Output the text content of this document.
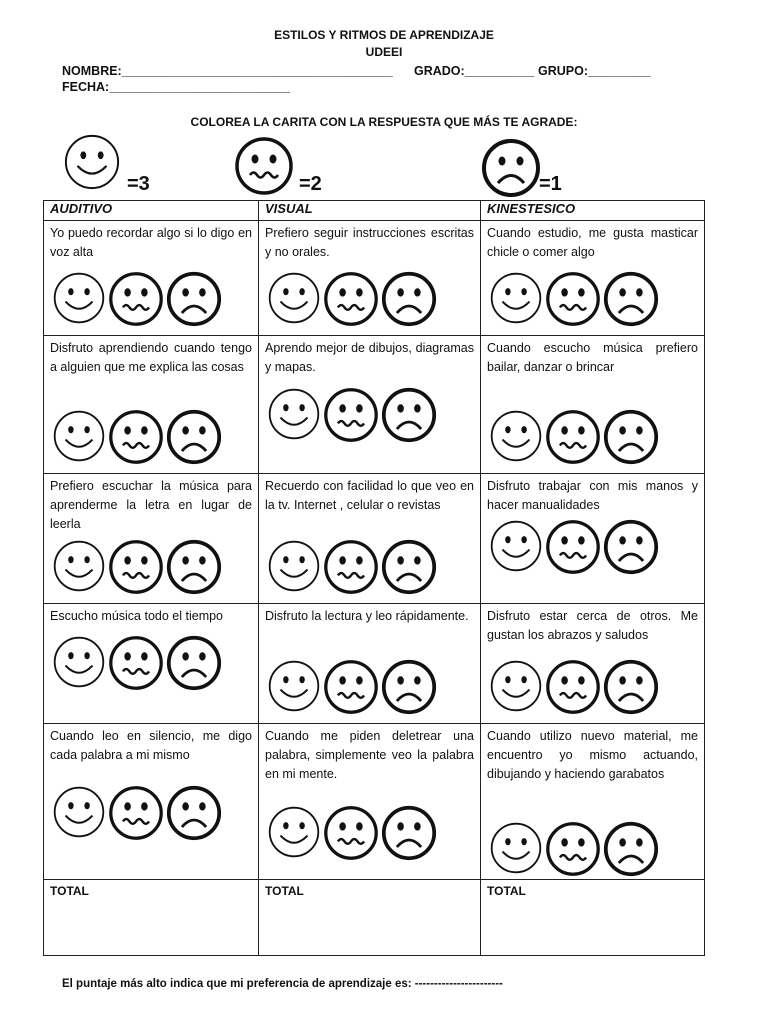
ESTILOS Y RITMOS DE APRENDIZAJE
UDEEI
NOMBRE:_______________________________________ GRADO:__________ GRUPO:_________
FECHA:__________________________
COLOREA LA CARITA CON LA RESPUESTA QUE MÁS TE AGRADE:
=3	=2	=1
AUDITIVO	VISUAL	KINESTESICO

Yo puedo recordar algo si lo digo en voz alta	Prefiero seguir instrucciones escritas y no orales.	Cuando estudio, me gusta masticar chicle o comer algo

Disfruto aprendiendo cuando tengo a alguien que me explica las cosas	Aprendo mejor de dibujos, diagramas y mapas.	Cuando escucho música prefiero bailar, danzar o brincar

Prefiero escuchar la música para aprenderme la letra en lugar de leerla	Recuerdo con facilidad lo que veo en la tv. Internet , celular o revistas	Disfruto trabajar con mis manos y hacer manualidades

Escucho música todo el tiempo	Disfruto la lectura y leo rápidamente.	Disfruto estar cerca de otros. Me gustan los abrazos y saludos

Cuando leo en silencio, me digo cada palabra a mi mismo	Cuando me piden deletrear una palabra, simplemente veo la palabra en mi mente.	Cuando utilizo nuevo material, me encuentro yo mismo actuando, dibujando y haciendo garabatos

TOTAL	TOTAL	TOTAL
El puntaje más alto indica que mi preferencia de aprendizaje es: -----------------------
